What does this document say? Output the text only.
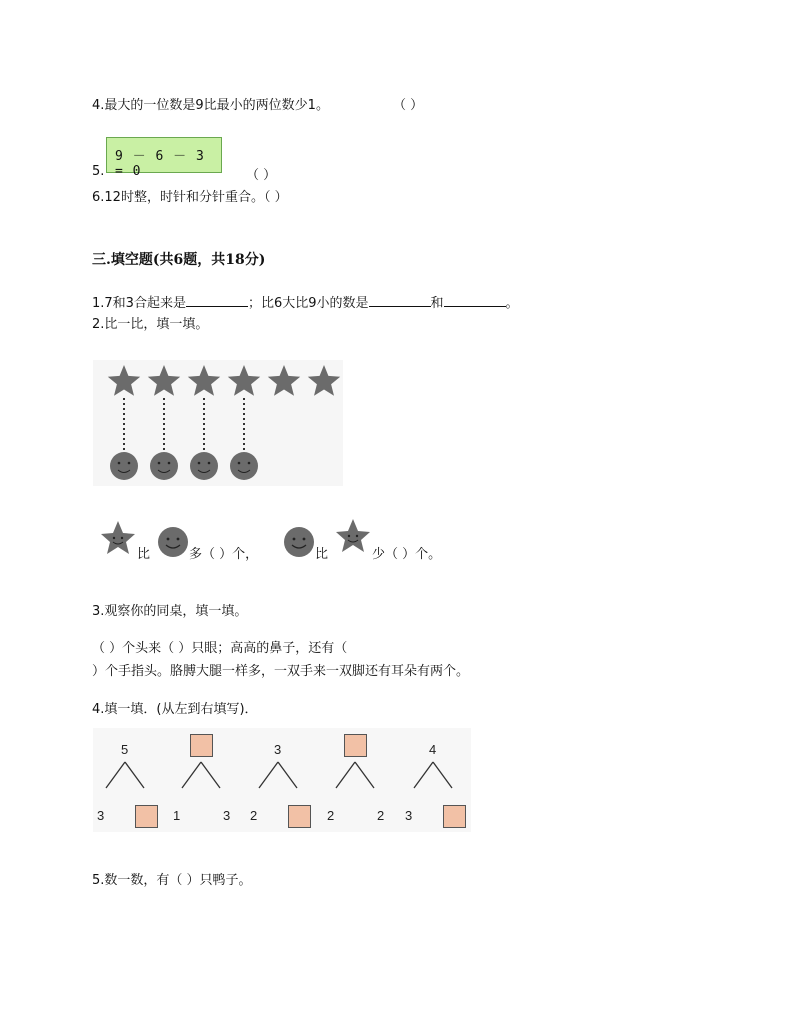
4.最大的一位数是9比最小的两位数少1。	（ ）
9 － 6 － 3 = 0
5.	（ ）
6.12时整，时针和分针重合。（ ）
三.填空题(共6题，共18分)
1.7和3合起来是	；比6大比9小的数是	和	。
2.比一比，填一填。
比	多（ ）个，	比	少（ ）个。
3.观察你的同桌，填一填。
（ ）个头来（ ）只眼；高高的鼻子，还有（
）个手指头。胳膊大腿一样多，一双手来一双脚还有耳朵有两个。
4.填一填．(从左到右填写)．
5
3	1	3
3
2	2	2
4
3
5.数一数，有（ ）只鸭子。
